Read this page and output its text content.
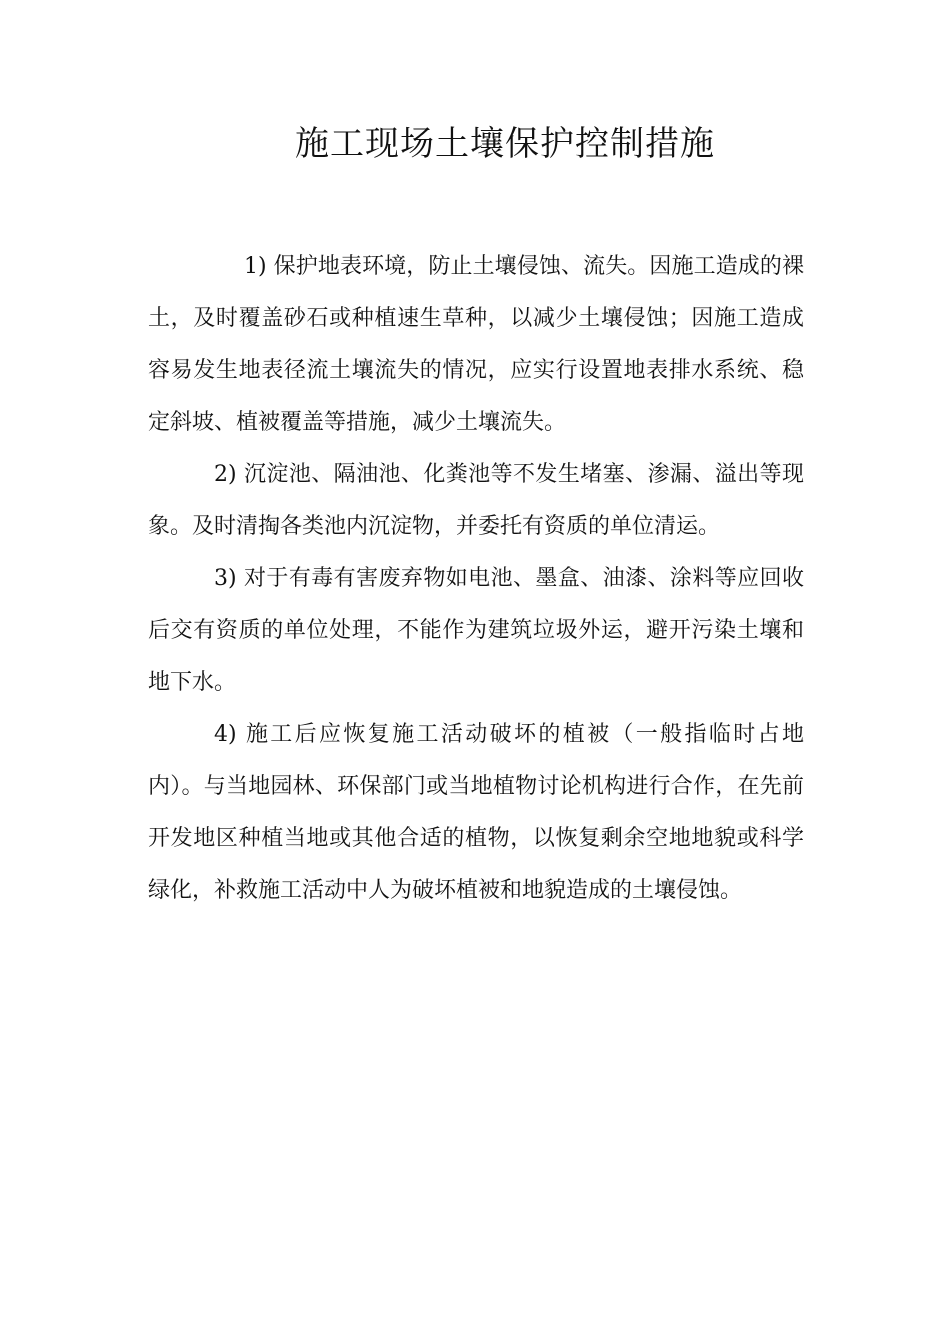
施工现场土壤保护控制措施

1) 保护地表环境，防止土壤侵蚀、流失。因施工造成的裸土，及时覆盖砂石或种植速生草种，以减少土壤侵蚀；因施工造成容易发生地表径流土壤流失的情况，应实行设置地表排水系统、稳定斜坡、植被覆盖等措施，减少土壤流失。

2) 沉淀池、隔油池、化粪池等不发生堵塞、渗漏、溢出等现象。及时清掏各类池内沉淀物，并委托有资质的单位清运。

3) 对于有毒有害废弃物如电池、墨盒、油漆、涂料等应回收后交有资质的单位处理，不能作为建筑垃圾外运，避开污染土壤和地下水。

4) 施工后应恢复施工活动破坏的植被（一般指临时占地内）。与当地园林、环保部门或当地植物讨论机构进行合作，在先前开发地区种植当地或其他合适的植物，以恢复剩余空地地貌或科学绿化，补救施工活动中人为破坏植被和地貌造成的土壤侵蚀。
